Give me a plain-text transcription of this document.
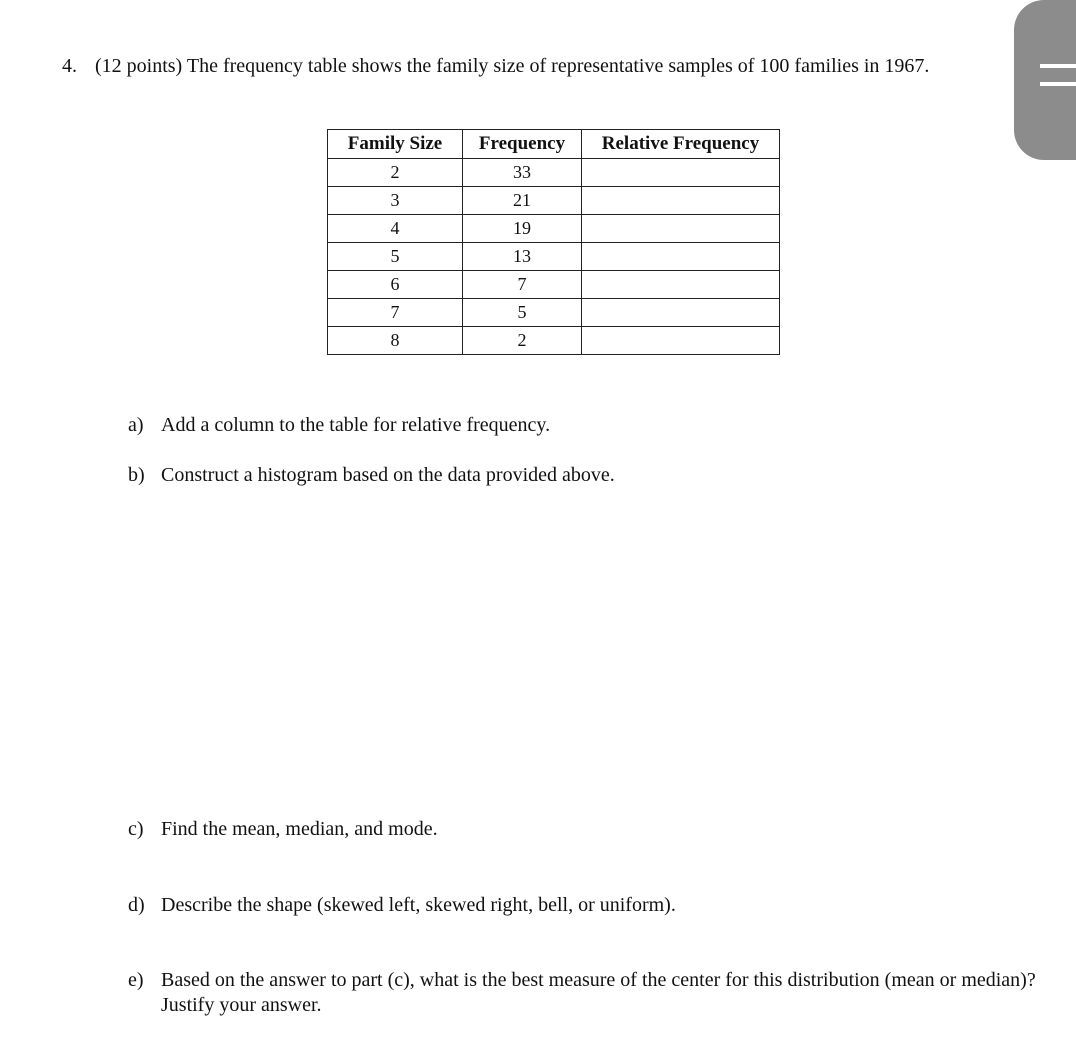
4. (12 points) The frequency table shows the family size of representative samples of 100 families in 1967.
Family Size	Frequency	Relative Frequency
2	33	
3	21	
4	19	
5	13	
6	7	
7	5	
8	2	
a) Add a column to the table for relative frequency.
b) Construct a histogram based on the data provided above.
c) Find the mean, median, and mode.
d) Describe the shape (skewed left, skewed right, bell, or uniform).
e) Based on the answer to part (c), what is the best measure of the center for this distribution (mean or median)? Justify your answer.
